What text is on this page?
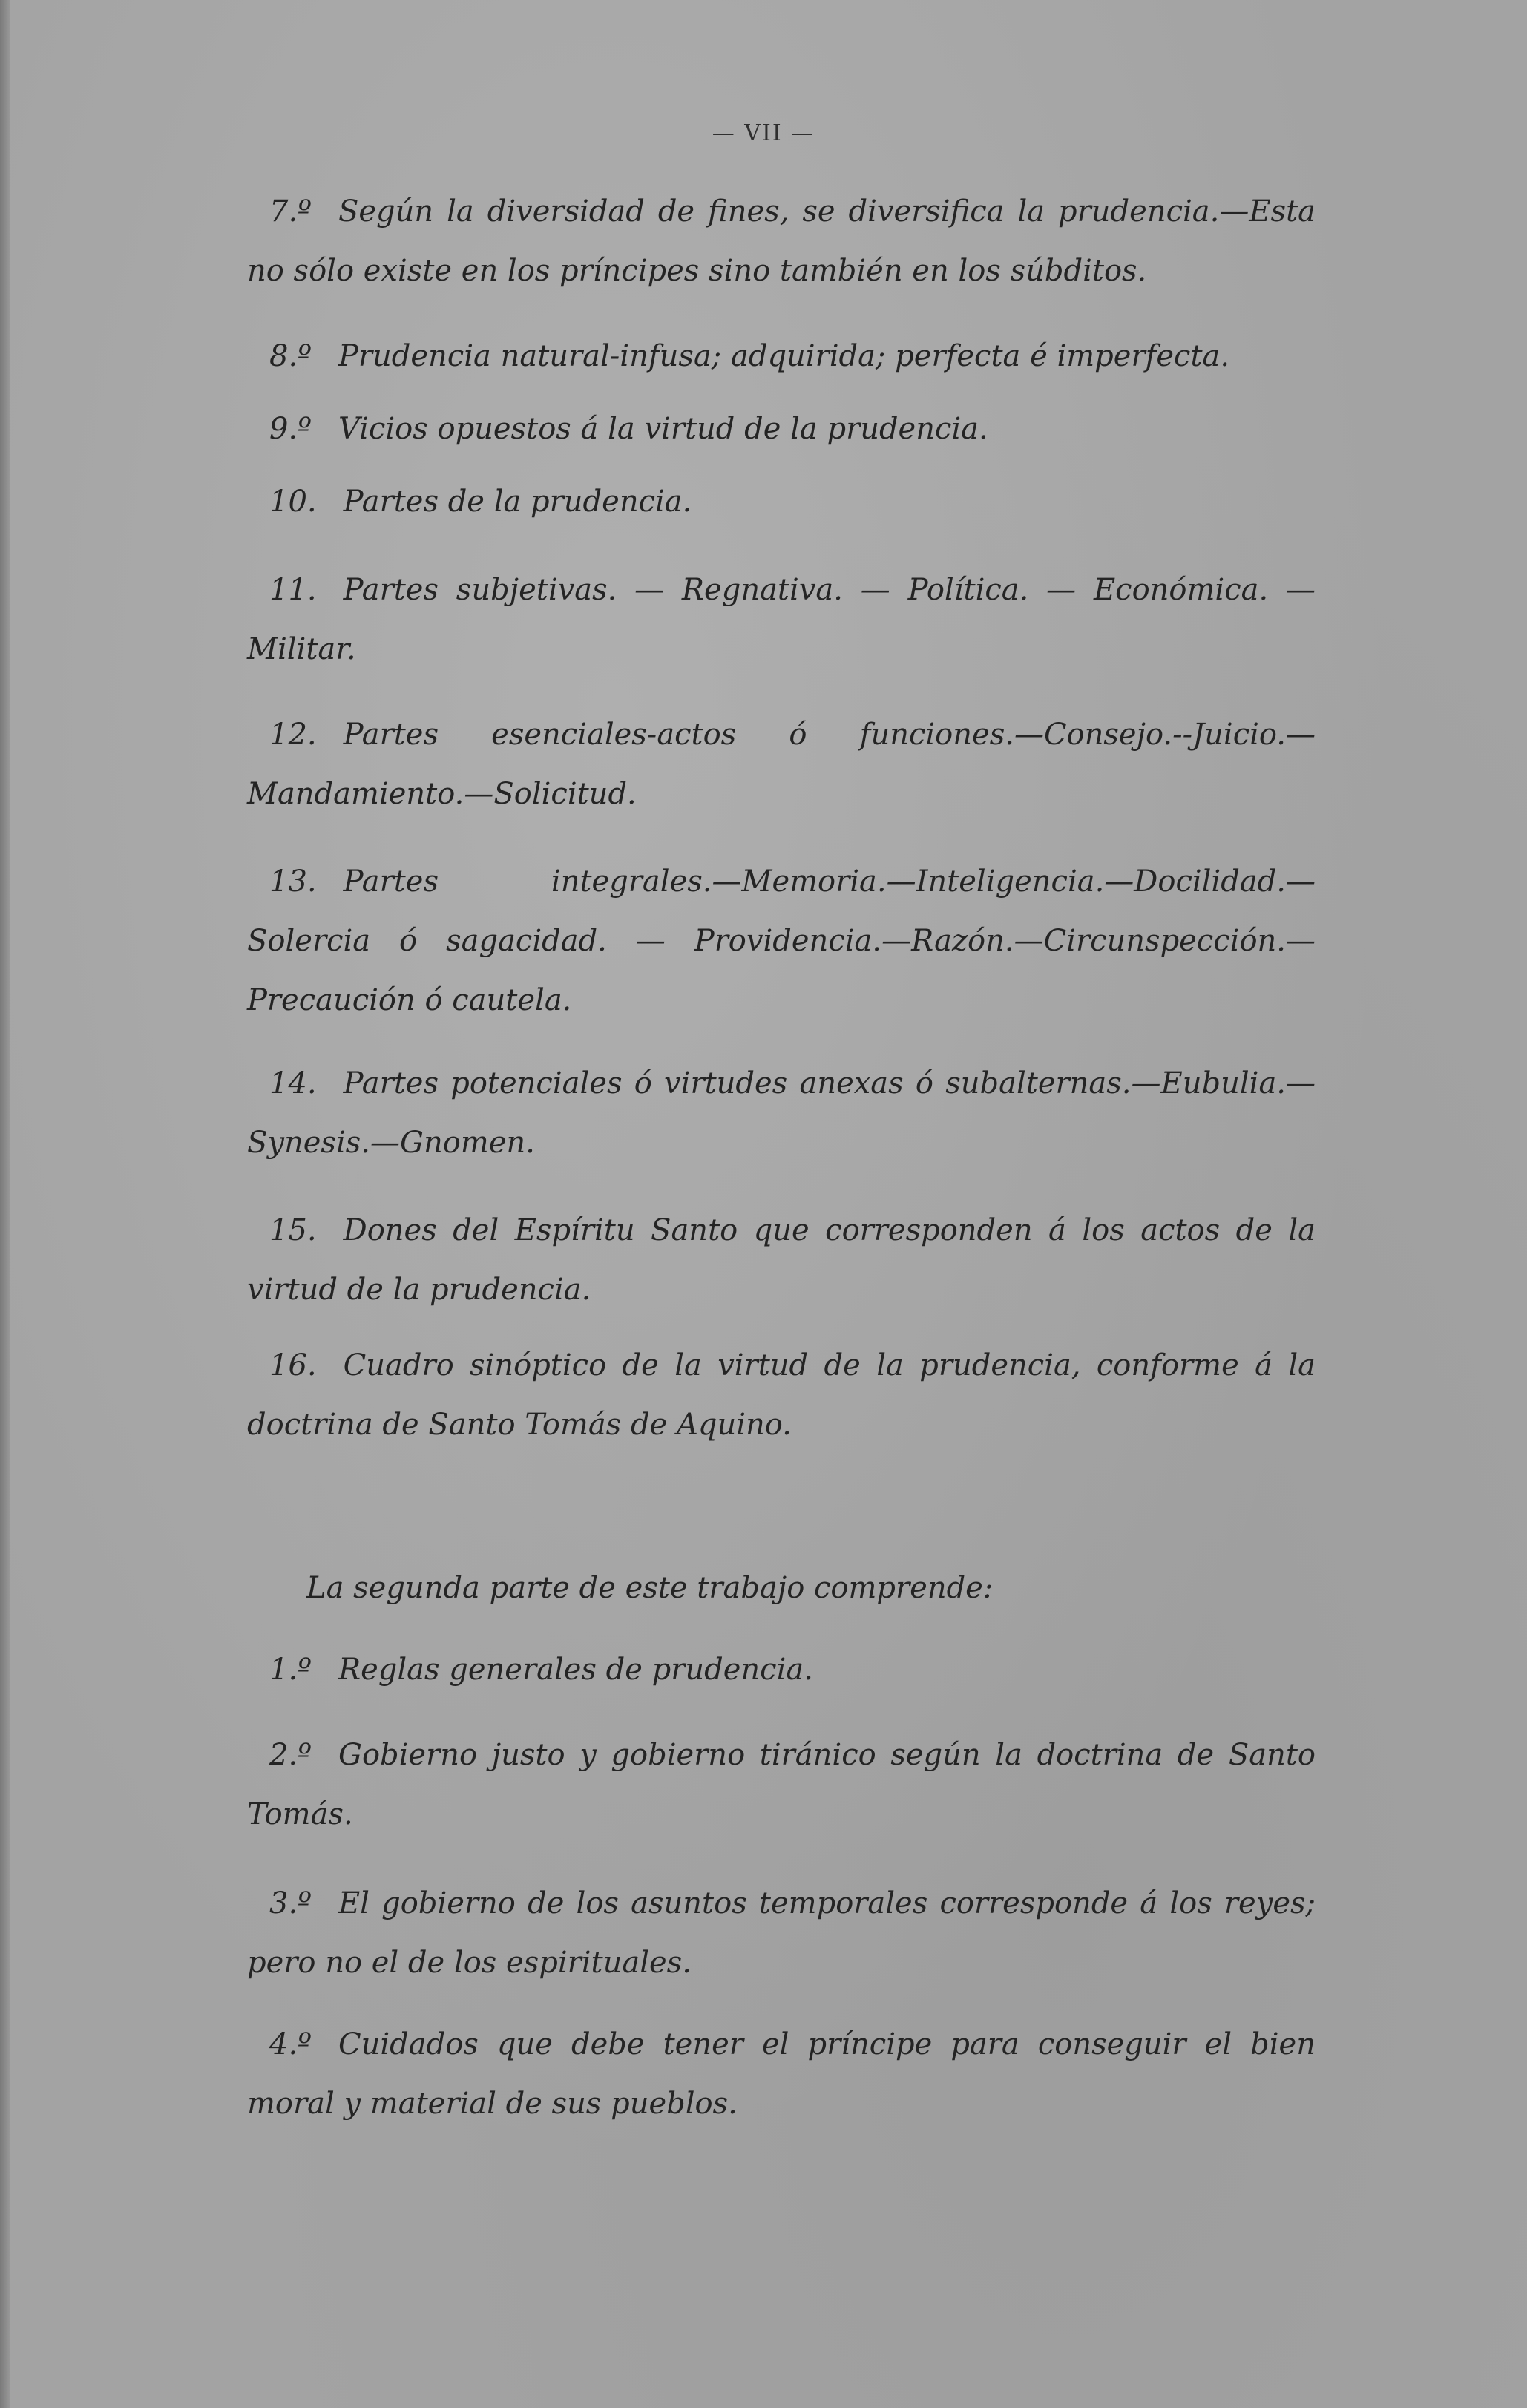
— VII —

7.º Según la diversidad de fines, se diversifica la prudencia.—Esta no sólo existe en los príncipes sino también en los súbditos.

8.º Prudencia natural-infusa; adquirida; perfecta é imperfecta.

9.º Vicios opuestos á la virtud de la prudencia.

10. Partes de la prudencia.

11. Partes subjetivas. — Regnativa. — Política. — Económica. — Militar.

12. Partes esenciales-actos ó funciones.—Consejo.--Juicio.—Mandamiento.—Solicitud.

13. Partes integrales.—Memoria.—Inteligencia.—Docilidad.—Solercia ó sagacidad. — Providencia.—Razón.—Circunspección.—Precaución ó cautela.

14. Partes potenciales ó virtudes anexas ó subalternas.—Eubulia.—Synesis.—Gnomen.

15. Dones del Espíritu Santo que corresponden á los actos de la virtud de la prudencia.

16. Cuadro sinóptico de la virtud de la prudencia, conforme á la doctrina de Santo Tomás de Aquino.

La segunda parte de este trabajo comprende:

1.º Reglas generales de prudencia.

2.º Gobierno justo y gobierno tiránico según la doctrina de Santo Tomás.

3.º El gobierno de los asuntos temporales corresponde á los reyes; pero no el de los espirituales.

4.º Cuidados que debe tener el príncipe para conseguir el bien moral y material de sus pueblos.
